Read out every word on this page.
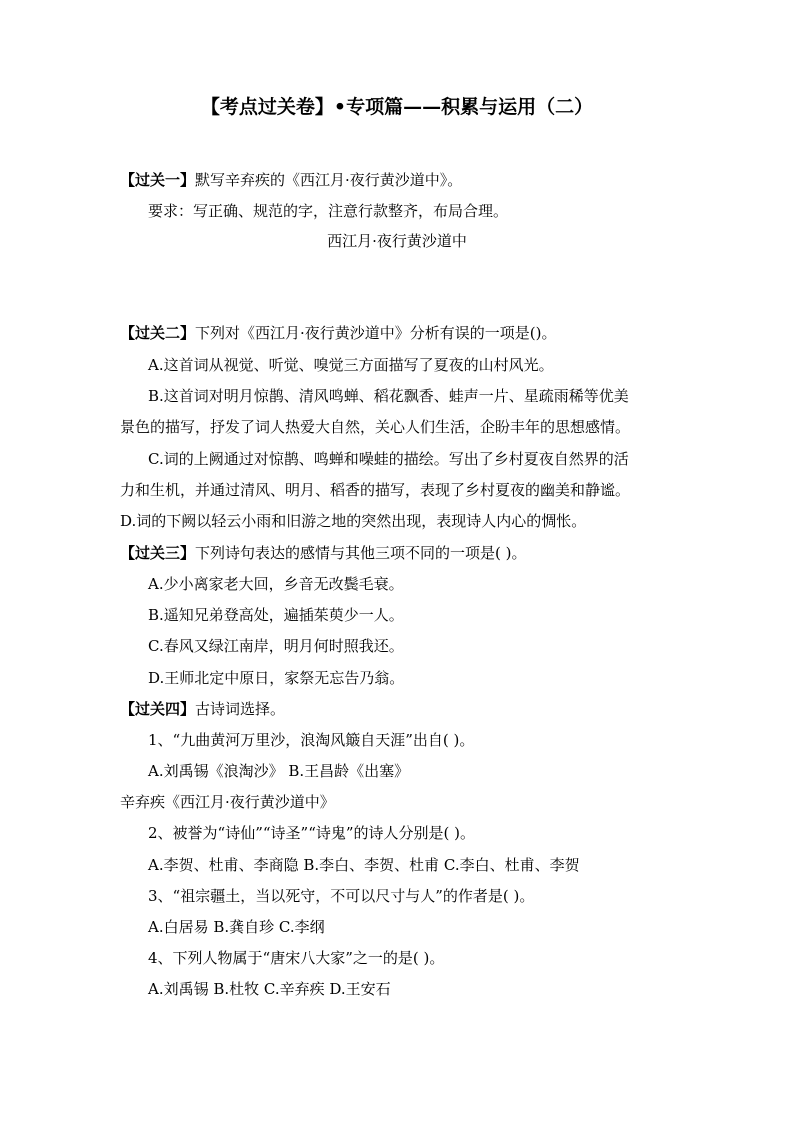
【考点过关卷】•专项篇——积累与运用（二）
【过关一】默写辛弃疾的《西江月·夜行黄沙道中》。
要求：写正确、规范的字，注意行款整齐，布局合理。
西江月·夜行黄沙道中
【过关二】下列对《西江月·夜行黄沙道中》分析有误的一项是()。
A.这首词从视觉、听觉、嗅觉三方面描写了夏夜的山村风光。
B.这首词对明月惊鹊、清风鸣蝉、稻花飘香、蛙声一片、星疏雨稀等优美
景色的描写，抒发了词人热爱大自然，关心人们生活，企盼丰年的思想感情。
C.词的上阙通过对惊鹊、鸣蝉和噪蛙的描绘。写出了乡村夏夜自然界的活
力和生机，并通过清风、明月、稻香的描写，表现了乡村夏夜的幽美和静谧。
D.词的下阙以轻云小雨和旧游之地的突然出现，表现诗人内心的惆怅。
【过关三】下列诗句表达的感情与其他三项不同的一项是( )。
A.少小离家老大回，乡音无改鬓毛衰。
B.遥知兄弟登高处，遍插茱萸少一人。
C.春风又绿江南岸，明月何时照我还。
D.王师北定中原日，家祭无忘告乃翁。
【过关四】古诗词选择。
1、“九曲黄河万里沙，浪淘风簸自天涯”出自( )。
A.刘禹锡《浪淘沙》 B.王昌龄《出塞》
辛弃疾《西江月·夜行黄沙道中》
2、被誉为“诗仙”“诗圣”“诗鬼”的诗人分别是( )。
A.李贺、杜甫、李商隐 B.李白、李贺、杜甫 C.李白、杜甫、李贺
3、“祖宗疆土，当以死守，不可以尺寸与人”的作者是( )。
A.白居易 B.龚自珍 C.李纲
4、下列人物属于“唐宋八大家”之一的是( )。
A.刘禹锡 B.杜牧 C.辛弃疾 D.王安石
